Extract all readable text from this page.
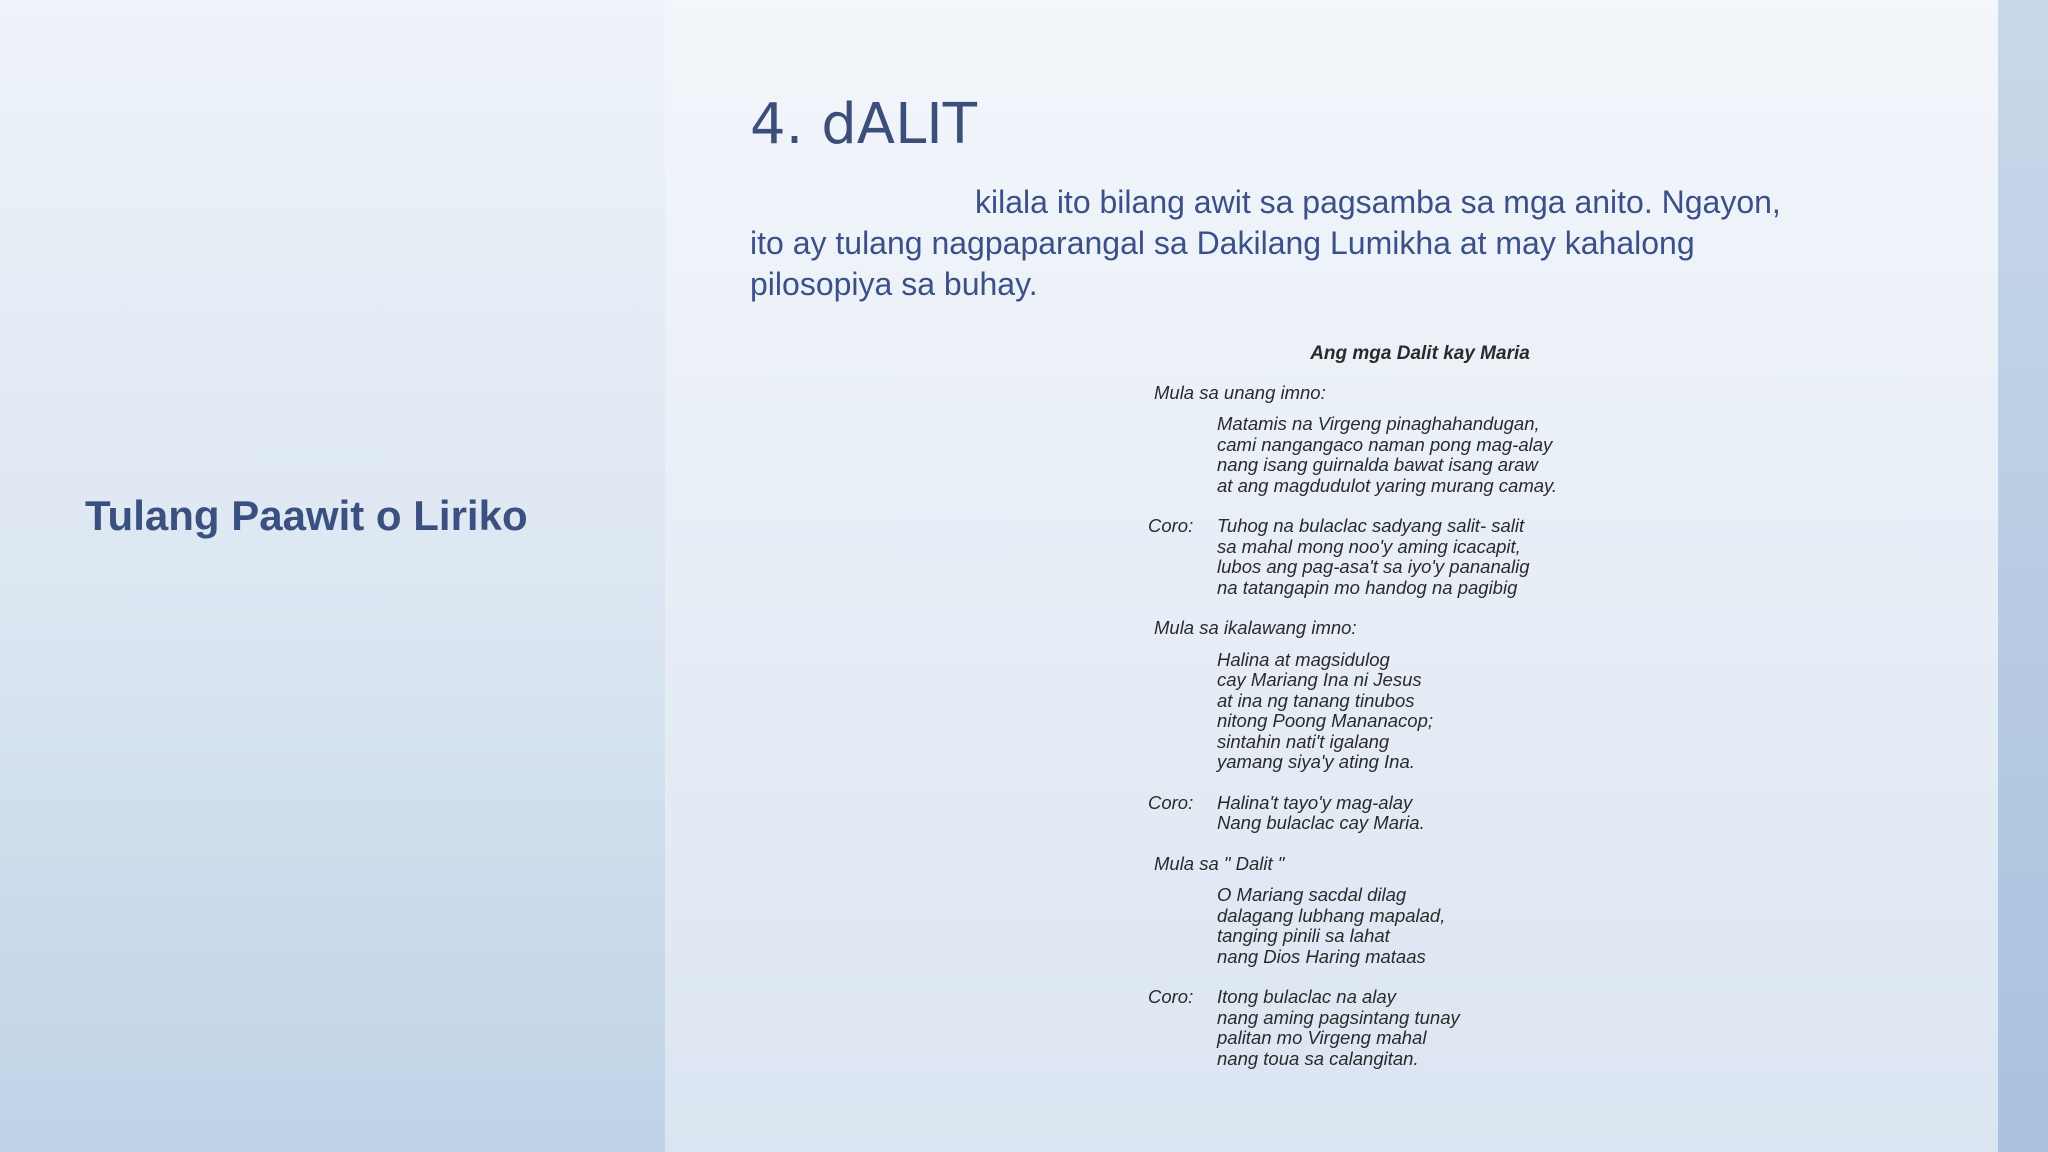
Tulang Paawit o Liriko
4. dALIT
kilala ito bilang awit sa pagsamba sa mga anito. Ngayon,
ito ay tulang nagpaparangal sa Dakilang Lumikha at may kahalong
pilosopiya sa buhay.
Ang mga Dalit kay Maria
Mula sa unang imno:
Matamis na Virgeng pinaghahandugan,
cami nangangaco naman pong mag-alay
nang isang guirnalda bawat isang araw
at ang magdudulot yaring murang camay.
Coro:	Tuhog na bulaclac sadyang salit- salit
sa mahal mong noo'y aming icacapit,
lubos ang pag-asa't sa iyo'y pananalig
na tatangapin mo handog na pagibig
Mula sa ikalawang imno:
Halina at magsidulog
cay Mariang Ina ni Jesus
at ina ng tanang tinubos
nitong Poong Mananacop;
sintahin nati't igalang
yamang siya'y ating Ina.
Coro:	Halina't tayo'y mag-alay
Nang bulaclac cay Maria.
Mula sa " Dalit "
O Mariang sacdal dilag
dalagang lubhang mapalad,
tanging pinili sa lahat
nang Dios Haring mataas
Coro:	Itong bulaclac na alay
nang aming pagsintang tunay
palitan mo Virgeng mahal
nang toua sa calangitan.
